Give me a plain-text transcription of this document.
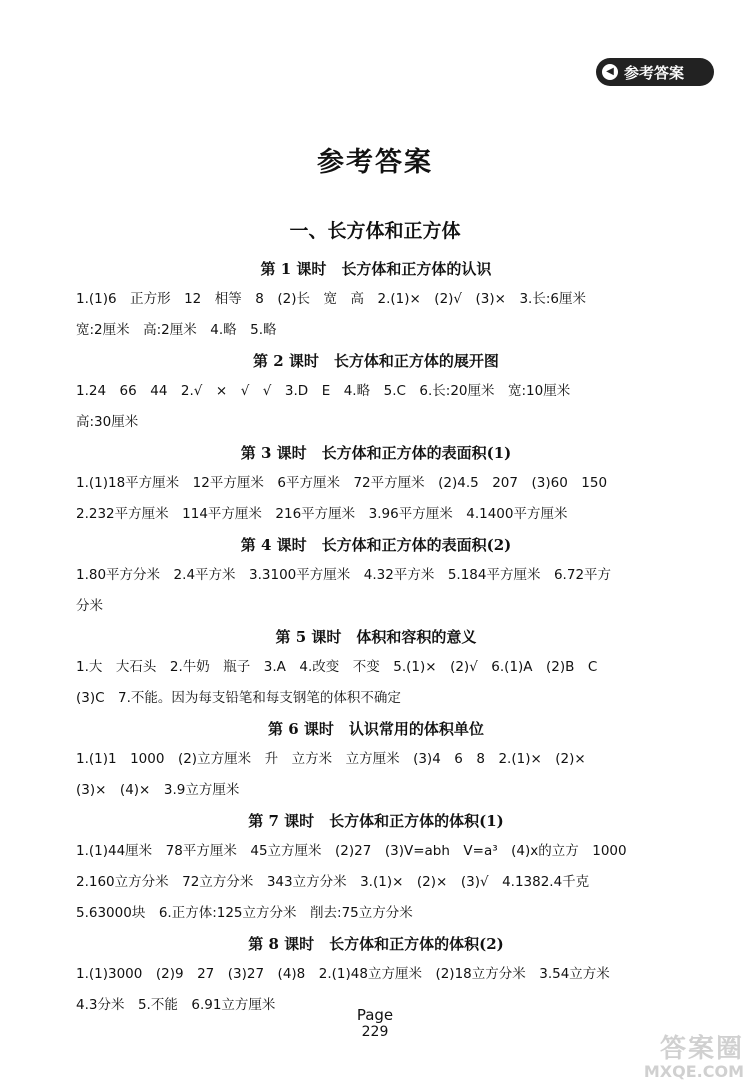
◀ 参考答案
参考答案
一、长方体和正方体
第 1 课时　长方体和正方体的认识
1.(1)6　正方形　12　相等　8　(2)长　宽　高　2.(1)×　(2)√　(3)×　3.长:6厘米
宽:2厘米　高:2厘米　4.略　5.略
第 2 课时　长方体和正方体的展开图
1.24　66　44　2.√　×　√　√　3.D　E　4.略　5.C　6.长:20厘米　宽:10厘米
高:30厘米
第 3 课时　长方体和正方体的表面积(1)
1.(1)18平方厘米　12平方厘米　6平方厘米　72平方厘米　(2)4.5　207　(3)60　150
2.232平方厘米　114平方厘米　216平方厘米　3.96平方厘米　4.1400平方厘米
第 4 课时　长方体和正方体的表面积(2)
1.80平方分米　2.4平方米　3.3100平方厘米　4.32平方米　5.184平方厘米　6.72平方
分米
第 5 课时　体积和容积的意义
1.大　大石头　2.牛奶　瓶子　3.A　4.改变　不变　5.(1)×　(2)√　6.(1)A　(2)B　C
(3)C　7.不能。因为每支铅笔和每支钢笔的体积不确定
第 6 课时　认识常用的体积单位
1.(1)1　1000　(2)立方厘米　升　立方米　立方厘米　(3)4　6　8　2.(1)×　(2)×
(3)×　(4)×　3.9立方厘米
第 7 课时　长方体和正方体的体积(1)
1.(1)44厘米　78平方厘米　45立方厘米　(2)27　(3)V=abh　V=a³　(4)x的立方　1000
2.160立方分米　72立方分米　343立方分米　3.(1)×　(2)×　(3)√　4.1382.4千克
5.63000块　6.正方体:125立方分米　削去:75立方分米
第 8 课时　长方体和正方体的体积(2)
1.(1)3000　(2)9　27　(3)27　(4)8　2.(1)48立方厘米　(2)18立方分米　3.54立方米
4.3分米　5.不能　6.91立方厘米
Page
229
答案圈
MXQE.COM
